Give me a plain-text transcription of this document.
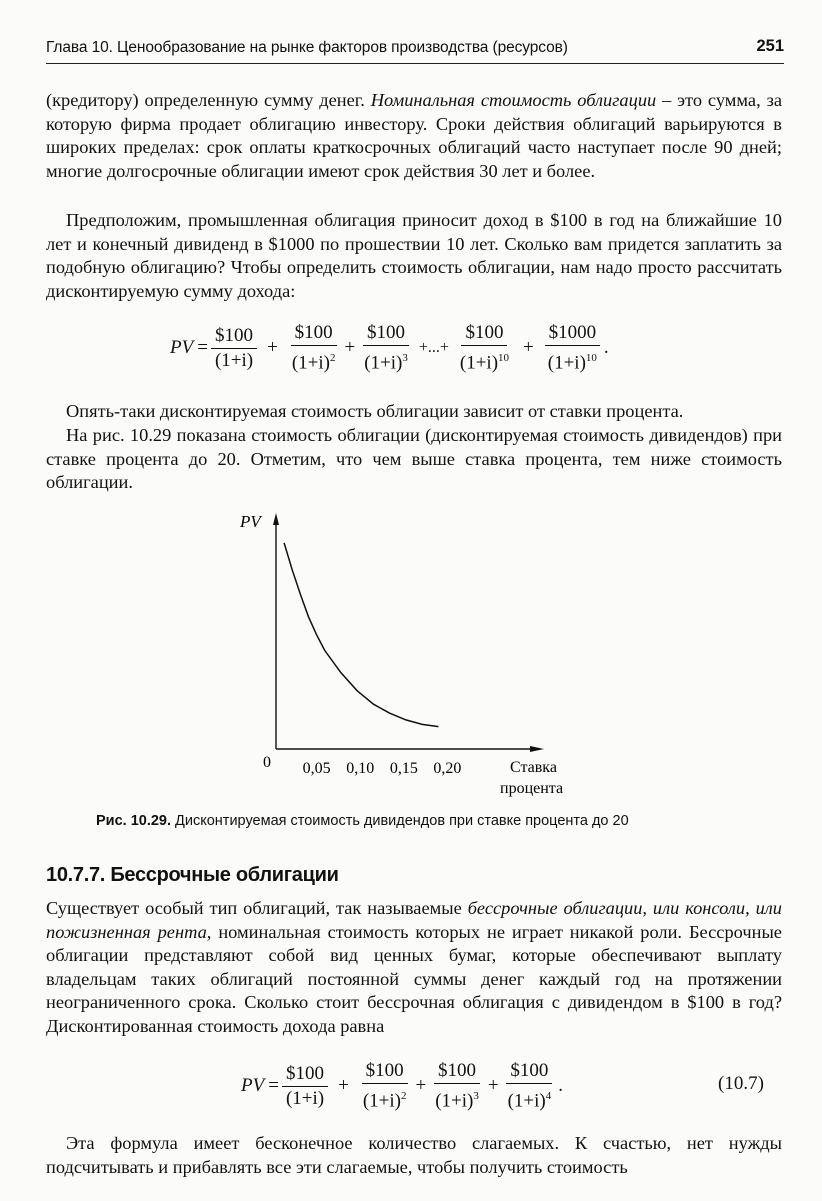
Глава 10. Ценообразование на рынке факторов производства (ресурсов)	251

(кредитору) определенную сумму денег. Номинальная стоимость облигации – это сумма, за которую фирма продает облигацию инвестору. Сроки действия облигаций варьируются в широких пределах: срок оплаты краткосрочных облигаций часто наступает после 90 дней; многие долгосрочные облигации имеют срок действия 30 лет и более.

Предположим, промышленная облигация приносит доход в $100 в год на ближайшие 10 лет и конечный дивиденд в $1000 по прошествии 10 лет. Сколько вам придется заплатить за подобную облигацию? Чтобы определить стоимость облигации, нам надо просто рассчитать дисконтируемую сумму дохода:

PV = $\frac{\$100}{(1+i)} + \frac{\$100}{(1+i)^2} + \frac{\$100}{(1+i)^3}$ +...+ $\frac{\$100}{(1+i)^{10}} + \frac{\$1000}{(1+i)^{10}}$ .

Опять-таки дисконтируемая стоимость облигации зависит от ставки процента.

На рис. 10.29 показана стоимость облигации (дисконтируемая стоимость дивидендов) при ставке процента до 20. Отметим, что чем выше ставка процента, тем ниже стоимость облигации.

PV
0 0,05 0,10 0,15 0,20	Ставка
процента
Рис. 10.29. Дисконтируемая стоимость дивидендов при ставке процента до 20
10.7.7. Бессрочные облигации

Существует особый тип облигаций, так называемые бессрочные облигации, или консоли, или пожизненная рента, номинальная стоимость которых не играет никакой роли. Бессрочные облигации представляют собой вид ценных бумаг, которые обеспечивают выплату владельцам таких облигаций постоянной суммы денег каждый год на протяжении неограниченного срока. Сколько стоит бессрочная облигация с дивидендом в $100 в год? Дисконтированная стоимость дохода равна

PV = $\frac{\$100}{(1+i)} + \frac{\$100}{(1+i)^2} + \frac{\$100}{(1+i)^3} + \frac{\$100}{(1+i)^4}$ .	(10.7)

Эта формула имеет бесконечное количество слагаемых. К счастью, нет нужды подсчитывать и прибавлять все эти слагаемые, чтобы получить стоимость
